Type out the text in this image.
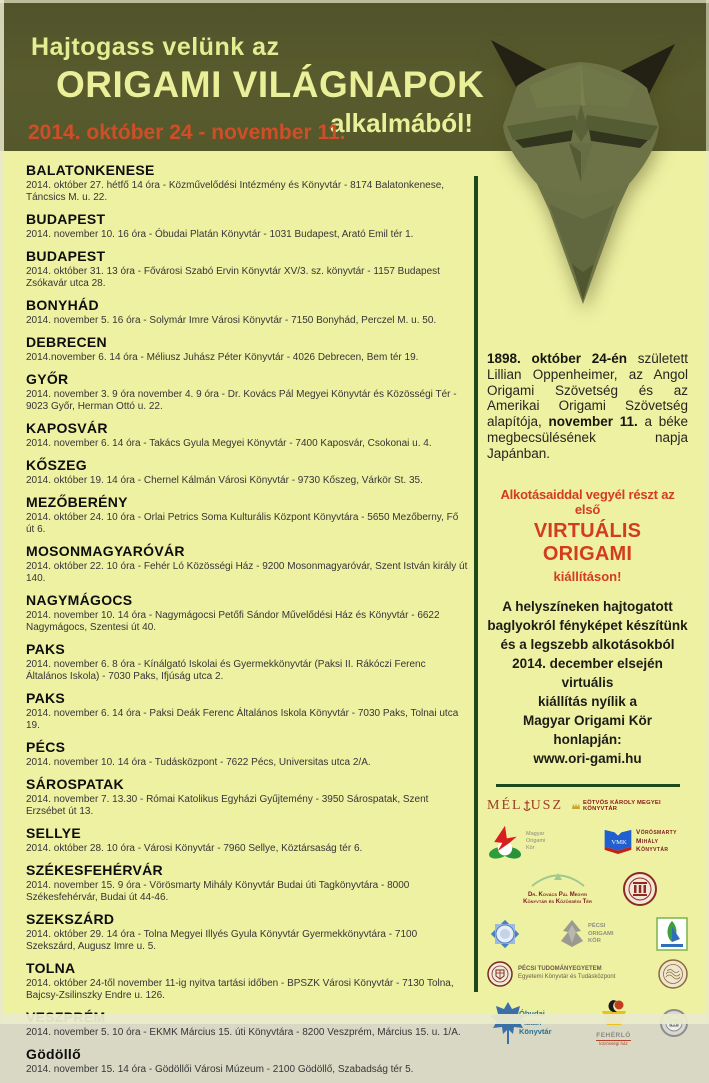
Hajtogass velünk az
ORIGAMI VILÁGNAPOK
alkalmából!
2014. október 24 - november 11.
BALATONKENESE
2014. október 27. hétfő 14 óra - Közművelődési Intézmény és Könyvtár - 8174 Balatonkenese, Táncsics M. u. 22.
BUDAPEST
2014. november 10. 16 óra - Óbudai Platán Könyvtár - 1031 Budapest, Arató Emil tér 1.
BUDAPEST
2014. október 31. 13 óra - Fővárosi Szabó Ervin Könyvtár XV/3. sz. könyvtár - 1157 Budapest Zsókavár utca 28.
BONYHÁD
2014. november 5. 16 óra - Solymár Imre Városi Könyvtár - 7150 Bonyhád, Perczel M. u. 50.
DEBRECEN
2014.november 6. 14 óra - Méliusz Juhász Péter Könyvtár - 4026 Debrecen, Bem tér 19.
GYŐR
2014. november 3. 9 óra november 4. 9 óra - Dr. Kovács Pál Megyei Könyvtár és Közösségi Tér - 9023 Győr, Herman Ottó u. 22.
KAPOSVÁR
2014. november 6. 14 óra - Takács Gyula Megyei Könyvtár - 7400 Kaposvár, Csokonai u. 4.
KŐSZEG
2014. október 19. 14 óra - Chernel Kálmán Városi Könyvtár - 9730 Kőszeg, Várkör St. 35.
MEZŐBERÉNY
2014. október 24. 10 óra - Orlai Petrics Soma Kulturális Központ Könyvtára - 5650 Mezőberny, Fő út 6.
MOSONMAGYARÓVÁR
2014. október 22. 10 óra - Fehér Ló Közösségi Ház - 9200 Mosonmagyaróvár, Szent István király út 140.
NAGYMÁGOCS
2014. november 10. 14 óra - Nagymágocsi Petőfi Sándor Művelődési Ház és Könyvtár - 6622 Nagymágocs, Szentesi út 40.
PAKS
2014. november 6. 8 óra - Kínálgató Iskolai és Gyermekkönyvtár (Paksi II. Rákóczi Ferenc Általános Iskola) - 7030 Paks, Ifjúság utca 2.
PAKS
2014. november 6. 14 óra - Paksi Deák Ferenc Általános Iskola Könyvtár - 7030 Paks, Tolnai utca 19.
PÉCS
2014. november 10. 14 óra - Tudásközpont - 7622 Pécs, Universitas utca 2/A.
SÁROSPATAK
2014. november 7. 13.30 - Római Katolikus Egyházi Gyűjtemény - 3950 Sárospatak, Szent Erzsébet út 13.
SELLYE
2014. október 28. 10 óra - Városi Könyvtár - 7960 Sellye, Köztársaság tér 6.
SZÉKESFEHÉRVÁR
2014. november 15. 9 óra - Vörösmarty Mihály Könyvtár Budai úti Tagkönyvtára - 8000 Székesfehérvár, Budai út 44-46.
SZEKSZÁRD
2014. október 29. 14 óra - Tolna Megyei Illyés Gyula Könyvtár Gyermekkönyvtára - 7100 Szekszárd, Augusz Imre u. 5.
TOLNA
2014. október 24-től november 11-ig nyitva tartási időben - BPSZK Városi Könyvtár - 7130 Tolna, Bajcsy-Zsilinszky Endre u. 126.
2014. november 5. 10 óra - EKMK Március 15. úti Könyvtára - 8200 Veszprém, Március 15. u. 1/A.
Gödöllő
2014. november 15. 14 óra - Gödöllői Városi Múzeum - 2100 Gödöllő, Szabadság tér 5.

1898. október 24-én született Lillian Oppenheimer, az Angol Origami Szövetség és az Amerikai Origami Szövetség alapítója, november 11. a béke megbecsülésének napja Japánban.

Alkotásaiddal vegyél részt az első
VIRTUÁLIS ORIGAMI
kiállításon!
A helyszíneken hajtogatott
baglyokról fényképet készítünk
és a legszebb alkotásokból
2014. december elsején virtuális
kiállítás nyílik a
Magyar Origami Kör honlapján:
www.ori-gami.hu
MÉL USZ	EÖTVÖS KÁROLY MEGYEI KÖNYVTÁR
Magyar Origami Kör
VMK
Vörösmarty Mihály Könyvtár
Dr. Kovács Pál Megyei Könyvtár és Közösségi Tér
PÉCSI ORIGAMI KÖR
PÉCSI TUDOMÁNYEGYETEM
Egyetemi Könyvtár és Tudásközpont
Könyvtár	FEHÉRLÓ
közösségi ház
